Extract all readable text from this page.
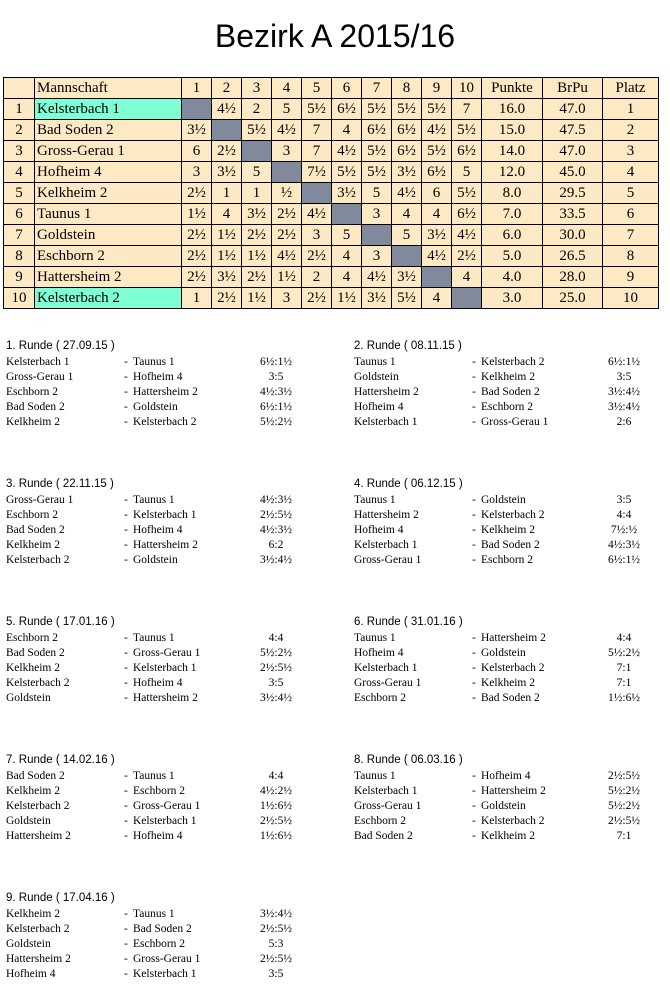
Bezirk A 2015/16
	Mannschaft	1	2	3	4	5	6	7	8	9	10	Punkte	BrPu	Platz
1	Kelsterbach 1		4½	2	5	5½	6½	5½	5½	5½	7	16.0	47.0	1
2	Bad Soden 2	3½		5½	4½	7	4	6½	6½	4½	5½	15.0	47.5	2
3	Gross-Gerau 1	6	2½		3	7	4½	5½	6½	5½	6½	14.0	47.0	3
4	Hofheim 4	3	3½	5		7½	5½	5½	3½	6½	5	12.0	45.0	4
5	Kelkheim 2	2½	1	1	½		3½	5	4½	6	5½	8.0	29.5	5
6	Taunus 1	1½	4	3½	2½	4½		3	4	4	6½	7.0	33.5	6
7	Goldstein	2½	1½	2½	2½	3	5		5	3½	4½	6.0	30.0	7
8	Eschborn 2	2½	1½	1½	4½	2½	4	3		4½	2½	5.0	26.5	8
9	Hattersheim 2	2½	3½	2½	1½	2	4	4½	3½		4	4.0	28.0	9
10	Kelsterbach 2	1	2½	1½	3	2½	1½	3½	5½	4		3.0	25.0	10
1. Runde ( 27.09.15 )
Kelsterbach 1	- Taunus 1	6½:1½
Gross-Gerau 1	- Hofheim 4	3:5
Eschborn 2	- Hattersheim 2	4½:3½
Bad Soden 2	- Goldstein	6½:1½
Kelkheim 2	- Kelsterbach 2	5½:2½
2. Runde ( 08.11.15 )
Taunus 1	- Kelsterbach 2	6½:1½
Goldstein	- Kelkheim 2	3:5
Hattersheim 2	- Bad Soden 2	3½:4½
Hofheim 4	- Eschborn 2	3½:4½
Kelsterbach 1	- Gross-Gerau 1	2:6
3. Runde ( 22.11.15 )
Gross-Gerau 1	- Taunus 1	4½:3½
Eschborn 2	- Kelsterbach 1	2½:5½
Bad Soden 2	- Hofheim 4	4½:3½
Kelkheim 2	- Hattersheim 2	6:2
Kelsterbach 2	- Goldstein	3½:4½
4. Runde ( 06.12.15 )
Taunus 1	- Goldstein	3:5
Hattersheim 2	- Kelsterbach 2	4:4
Hofheim 4	- Kelkheim 2	7½:½
Kelsterbach 1	- Bad Soden 2	4½:3½
Gross-Gerau 1	- Eschborn 2	6½:1½
5. Runde ( 17.01.16 )
Eschborn 2	- Taunus 1	4:4
Bad Soden 2	- Gross-Gerau 1	5½:2½
Kelkheim 2	- Kelsterbach 1	2½:5½
Kelsterbach 2	- Hofheim 4	3:5
Goldstein	- Hattersheim 2	3½:4½
6. Runde ( 31.01.16 )
Taunus 1	- Hattersheim 2	4:4
Hofheim 4	- Goldstein	5½:2½
Kelsterbach 1	- Kelsterbach 2	7:1
Gross-Gerau 1	- Kelkheim 2	7:1
Eschborn 2	- Bad Soden 2	1½:6½
7. Runde ( 14.02.16 )
Bad Soden 2	- Taunus 1	4:4
Kelkheim 2	- Eschborn 2	4½:2½
Kelsterbach 2	- Gross-Gerau 1	1½:6½
Goldstein	- Kelsterbach 1	2½:5½
Hattersheim 2	- Hofheim 4	1½:6½
8. Runde ( 06.03.16 )
Taunus 1	- Hofheim 4	2½:5½
Kelsterbach 1	- Hattersheim 2	5½:2½
Gross-Gerau 1	- Goldstein	5½:2½
Eschborn 2	- Kelsterbach 2	2½:5½
Bad Soden 2	- Kelkheim 2	7:1
9. Runde ( 17.04.16 )
Kelkheim 2	- Taunus 1	3½:4½
Kelsterbach 2	- Bad Soden 2	2½:5½
Goldstein	- Eschborn 2	5:3
Hattersheim 2	- Gross-Gerau 1	2½:5½
Hofheim 4	- Kelsterbach 1	3:5
